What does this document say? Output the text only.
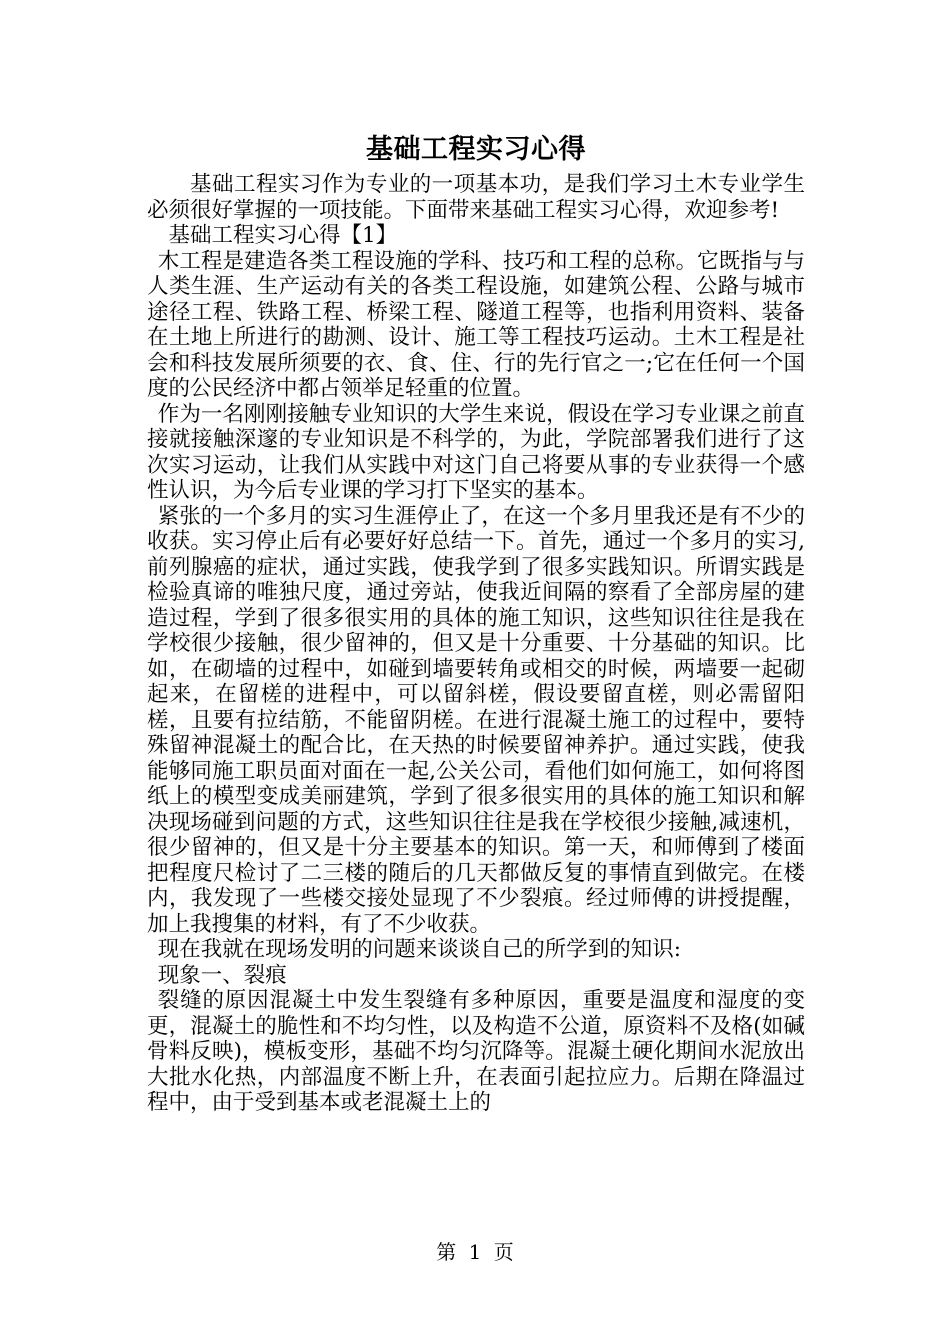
基础工程实习心得

基础工程实习作为专业的一项基本功，是我们学习土木专业学生必须很好掌握的一项技能。下面带来基础工程实习心得，欢迎参考!

基础工程实习心得【1】

木工程是建造各类工程设施的学科、技巧和工程的总称。它既指与与人类生涯、生产运动有关的各类工程设施，如建筑公程、公路与城市途径工程、铁路工程、桥梁工程、隧道工程等，也指利用资料、装备在土地上所进行的勘测、设计、施工等工程技巧运动。土木工程是社会和科技发展所须要的衣、食、住、行的先行官之一;它在任何一个国度的公民经济中都占领举足轻重的位置。

作为一名刚刚接触专业知识的大学生来说，假设在学习专业课之前直接就接触深邃的专业知识是不科学的，为此，学院部署我们进行了这次实习运动，让我们从实践中对这门自己将要从事的专业获得一个感性认识，为今后专业课的学习打下坚实的基本。

紧张的一个多月的实习生涯停止了，在这一个多月里我还是有不少的收获。实习停止后有必要好好总结一下。首先，通过一个多月的实习,前列腺癌的症状，通过实践，使我学到了很多实践知识。所谓实践是检验真谛的唯独尺度，通过旁站，使我近间隔的察看了全部房屋的建造过程，学到了很多很实用的具体的施工知识，这些知识往往是我在学校很少接触，很少留神的，但又是十分重要、十分基础的知识。比如，在砌墙的过程中，如碰到墙要转角或相交的时候，两墙要一起砌起来，在留槎的进程中，可以留斜槎，假设要留直槎，则必需留阳槎，且要有拉结筋，不能留阴槎。在进行混凝土施工的过程中，要特殊留神混凝土的配合比，在天热的时候要留神养护。通过实践，使我能够同施工职员面对面在一起,公关公司，看他们如何施工，如何将图纸上的模型变成美丽建筑，学到了很多很实用的具体的施工知识和解决现场碰到问题的方式，这些知识往往是我在学校很少接触,减速机，很少留神的，但又是十分主要基本的知识。第一天，和师傅到了楼面把程度尺检讨了二三楼的随后的几天都做反复的事情直到做完。在楼内，我发现了一些楼交接处显现了不少裂痕。经过师傅的讲授提醒，加上我搜集的材料，有了不少收获。

现在我就在现场发明的问题来谈谈自己的所学到的知识:

现象一、裂痕

裂缝的原因混凝土中发生裂缝有多种原因，重要是温度和湿度的变更，混凝土的脆性和不均匀性，以及构造不公道，原资料不及格(如碱骨料反映)，模板变形，基础不均匀沉降等。混凝土硬化期间水泥放出大批水化热，内部温度不断上升，在表面引起拉应力。后期在降温过程中，由于受到基本或老混凝土上的

第 1 页
